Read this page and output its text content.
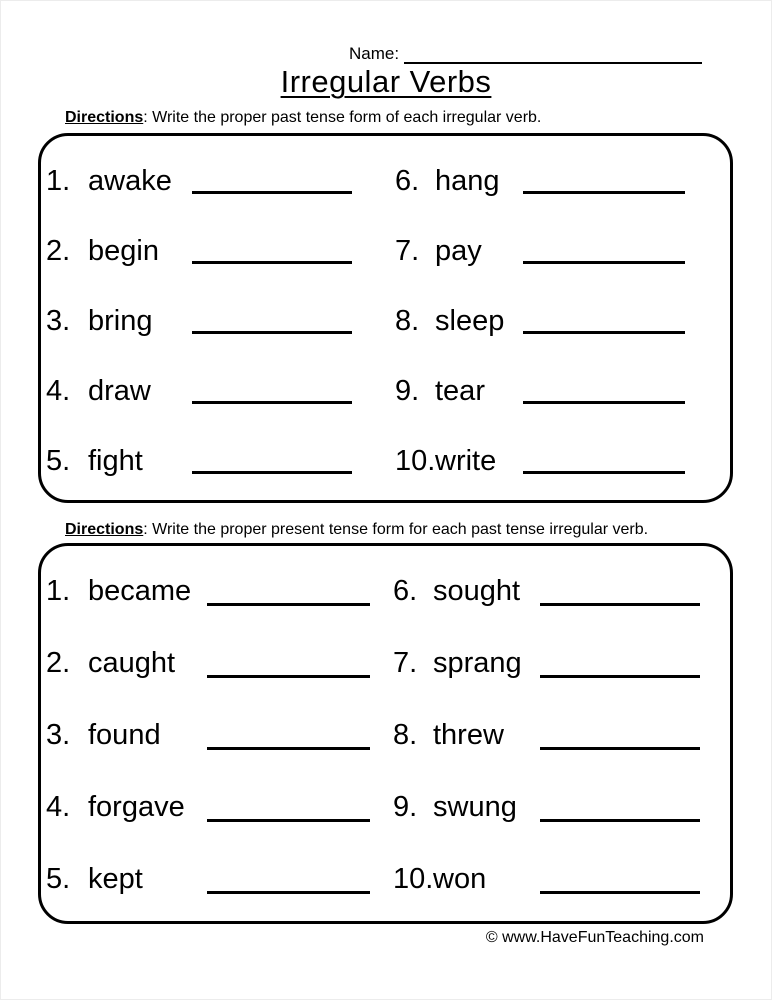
Name:
Irregular Verbs
Directions: Write the proper past tense form of each irregular verb.
1. awake	6. hang
2. begin	7. pay
3. bring	8. sleep
4. draw	9. tear
5. fight	10. write
Directions: Write the proper present tense form for each past tense irregular verb.
1. became	6. sought
2. caught	7. sprang
3. found	8. threw
4. forgave	9. swung
5. kept	10. won
© www.HaveFunTeaching.com
